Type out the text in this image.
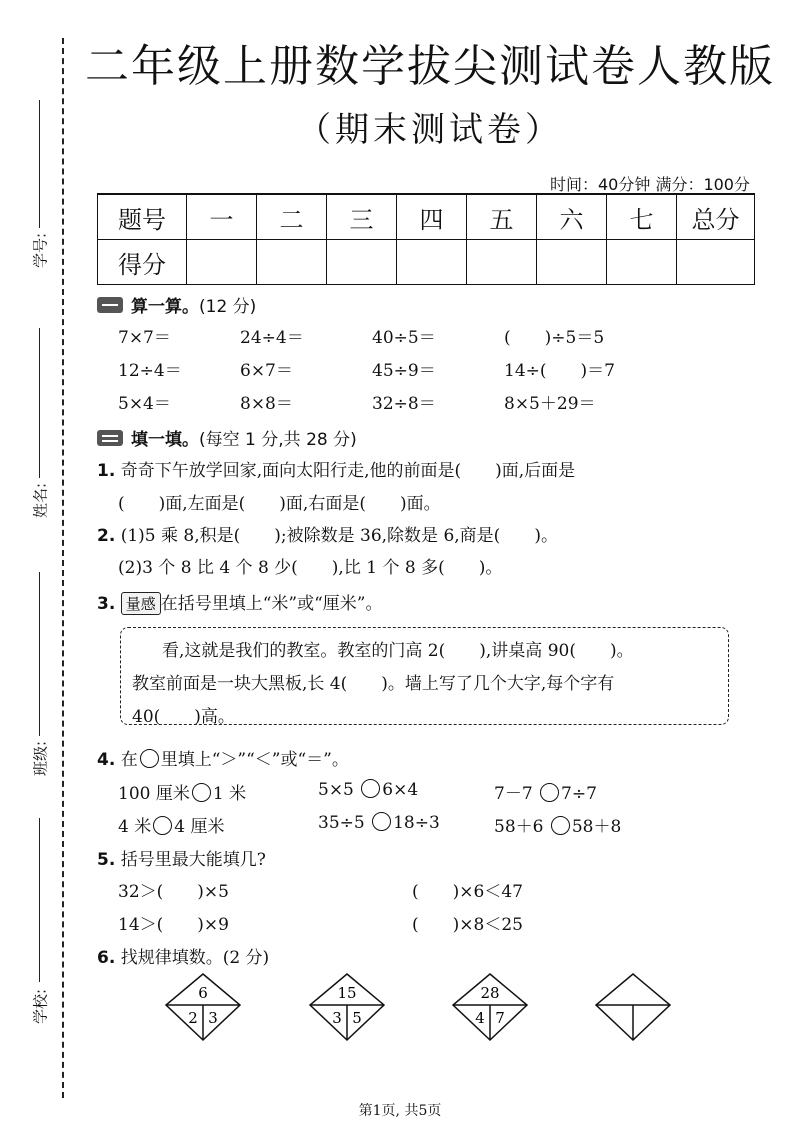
学号:
姓名:
班级:
学校:
二年级上册数学拔尖测试卷人教版
（期末测试卷）
时间：40分钟 满分：100分
题号	一	二	三	四	五	六	七	总分
得分								
算一算。 (12 分)
7×7＝	24÷4＝	40÷5＝	(　　)÷5＝5
12÷4＝	6×7＝	45÷9＝	14÷(　　)＝7
5×4＝	8×8＝	32÷8＝	8×5＋29＝
填一填。 (每空 1 分,共 28 分)
1. 奇奇下午放学回家,面向太阳行走,他的前面是(　　)面,后面是
(　　)面,左面是(　　)面,右面是(　　)面。
2. (1)5 乘 8,积是(　　);被除数是 36,除数是 6,商是(　　)。
(2)3 个 8 比 4 个 8 少(　　),比 1 个 8 多(　　)。
3. 量感 在括号里填上“米”或“厘米”。
看,这就是我们的教室。教室的门高 2(　　),讲桌高 90(　　)。
教室前面是一块大黑板,长 4(　　)。墙上写了几个大字,每个字有
40(　　)高。
4. 在 里填上“＞”“＜”或“＝”。
100 厘米 1 米	5×5 6×4	7－7 7÷7
4 米 4 厘米	35÷5 18÷3	58＋6 58＋8
5. 括号里最大能填几?
32＞(　　)×5	(　　)×6＜47
14＞(　　)×9	(　　)×8＜25
6. 找规律填数。(2 分)
6
2 3
15
3 5
28
4 7
第1页, 共5页
